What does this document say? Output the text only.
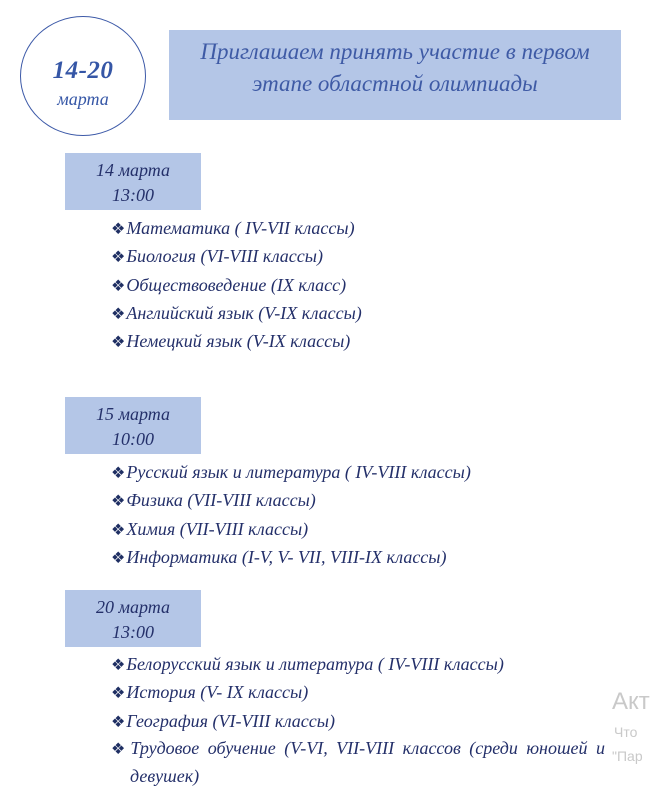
14-20
марта
Приглашаем принять участие в первом
этапе областной олимпиады
14 марта
13:00
❖Математика ( IV-VII классы)
❖Биология (VI-VIII классы)
❖Обществоведение (IX класс)
❖Английский язык (V-IX классы)
❖Немецкий язык (V-IX классы)
15 марта
10:00
❖Русский язык и литература ( IV-VIII классы)
❖Физика (VII-VIII классы)
❖Химия (VII-VIII классы)
❖Информатика (I-V, V- VII, VIII-IX классы)
20 марта
13:00
❖Белорусский язык и литература ( IV-VIII классы)
❖История (V- IX классы)
❖География (VI-VIII классы)
❖Трудовое обучение (V-VI, VII-VIII классов (среди юношей и девушек)
Акт
Что
"Пар
